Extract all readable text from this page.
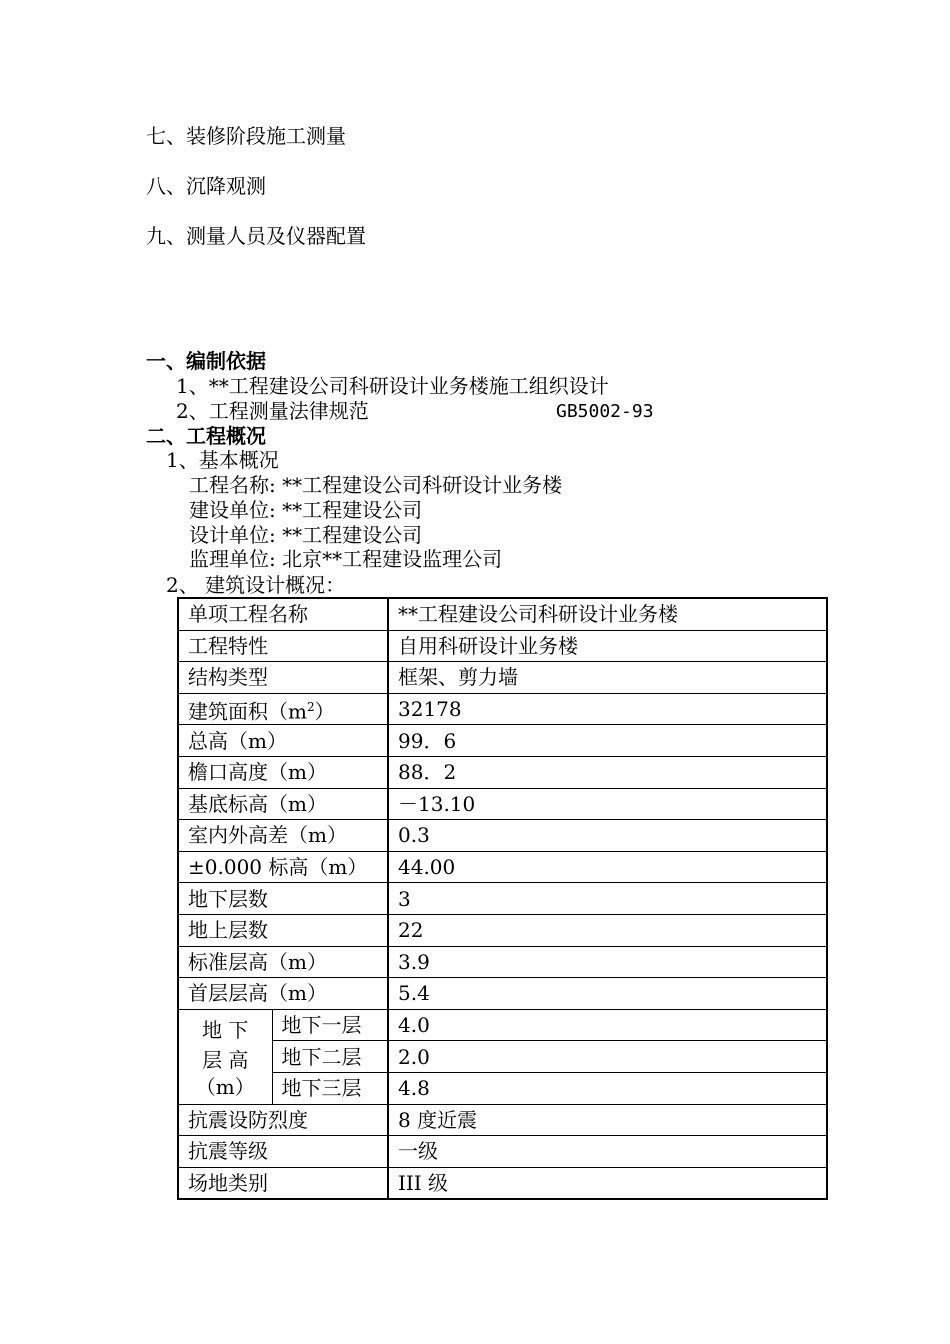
七、装修阶段施工测量
八、沉降观测
九、测量人员及仪器配置
一、编制依据
1、**工程建设公司科研设计业务楼施工组织设计
2、工程测量法律规范	GB5002-93
二、工程概况
1、基本概况
工程名称: **工程建设公司科研设计业务楼
建设单位: **工程建设公司
设计单位: **工程建设公司
监理单位: 北京**工程建设监理公司
2、 建筑设计概况：
单项工程名称		**工程建设公司科研设计业务楼
工程特性		自用科研设计业务楼
结构类型		框架、剪力墙
建筑面积$(m^2)$		32178
总高（m）		99．6
檐口高度（m）		88．2
基底标高（m）		－13.10
室内外高差（m）		0.3
±0.000 标高（m）		44.00
地下层数		3
地上层数		22
标准层高（m）		3.9
首层层高（m）		5.4

地 下
层 高
（m）	地下一层	4.0
	地下二层	2.0
	地下三层	4.8
抗震设防烈度		8 度近震
抗震等级		一级
场地类别		III 级
